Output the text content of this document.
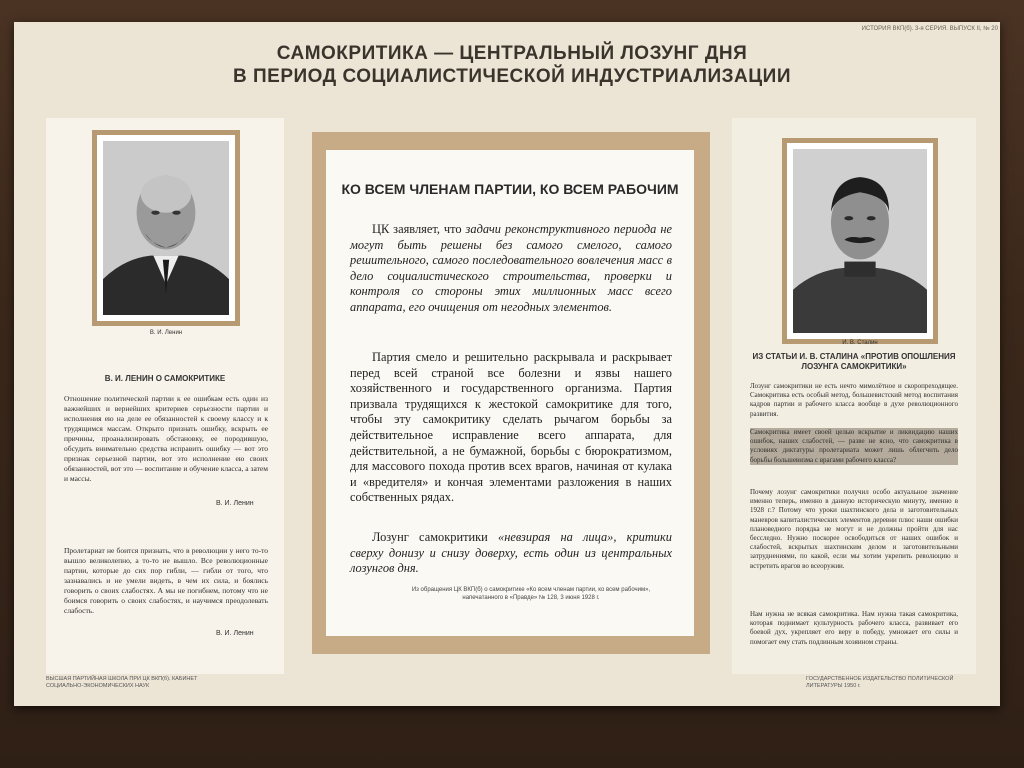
ИСТОРИЯ ВКП(б). 3-я СЕРИЯ. ВЫПУСК II, № 20
САМОКРИТИКА — ЦЕНТРАЛЬНЫЙ ЛОЗУНГ ДНЯ
В ПЕРИОД СОЦИАЛИСТИЧЕСКОЙ ИНДУСТРИАЛИЗАЦИИ
В. И. Ленин
В. И. ЛЕНИН О САМОКРИТИКЕ
Отношение политической партии к ее ошибкам есть один из важнейших и вернейших критериев серьезности партии и исполнения ею на деле ее обязанностей к своему классу и к трудящимся массам. Открыто признать ошибку, вскрыть ее причины, проанализировать обстановку, ее породившую, обсудить внимательно средства исправить ошибку — вот это признак серьезной партии, вот это исполнение ею своих обязанностей, вот это — воспитание и обучение класса, а затем и массы.
В. И. Ленин
Пролетариат не боится признать, что в революции у него то-то вышло великолепно, а то-то не вышло. Все революционные партии, которые до сих пор гибли, — гибли от того, что зазнавались и не умели видеть, в чем их сила, и боялись говорить о своих слабостях. А мы не погибнем, потому что не боимся говорить о своих слабостях, и научимся преодолевать слабость.
В. И. Ленин
ВЫСШАЯ ПАРТИЙНАЯ ШКОЛА ПРИ ЦК ВКП(б). КАБИНЕТ СОЦИАЛЬНО-ЭКОНОМИЧЕСКИХ НАУК
КО ВСЕМ ЧЛЕНАМ ПАРТИИ, КО ВСЕМ РАБОЧИМ
ЦК заявляет, что задачи реконструктивного периода не могут быть решены без самого смелого, самого решительного, самого последовательного вовлечения масс в дело социалистического строительства, проверки и контроля со стороны этих миллионных масс всего аппарата, его очищения от негодных элементов.
Партия смело и решительно раскрывала и раскрывает перед всей страной все болезни и язвы нашего хозяйственного и государственного организма. Партия призвала трудящихся к жестокой самокритике для того, чтобы эту самокритику сделать рычагом борьбы за действительное исправление всего аппарата, для действительной, а не бумажной, борьбы с бюрократизмом, для массового похода против всех врагов, начиная от кулака и «вредителя» и кончая элементами разложения в наших собственных рядах.
Лозунг самокритики «невзирая на лица», критики сверху донизу и снизу доверху, есть один из центральных лозунгов дня.
Из обращения ЦК ВКП(б) о самокритике «Ко всем членам партии, ко всем рабочим», напечатанного в «Правде» № 128, 3 июня 1928 г.
И. В. Сталин
ИЗ СТАТЬИ И. В. СТАЛИНА «ПРОТИВ ОПОШЛЕНИЯ ЛОЗУНГА САМОКРИТИКИ»
Лозунг самокритики не есть нечто мимолётное и скоропреходящее. Самокритика есть особый метод, большевистский метод воспитания кадров партии и рабочего класса вообще в духе революционного развития.
Самокритика имеет своей целью вскрытие и ликвидацию наших ошибок, наших слабостей, — разве не ясно, что самокритика в условиях диктатуры пролетариата может лишь облегчить дело борьбы большевизма с врагами рабочего класса?
Почему лозунг самокритики получил особо актуальное значение именно теперь, именно в данную историческую минуту, именно в 1928 г.? Потому что уроки шахтинского дела и заготовительных маневров капиталистических элементов деревни плюс наши ошибки плановедного порядка не могут и не должны пройти для нас бесследно. Нужно поскорее освободиться от наших ошибок и слабостей, вскрытых шахтинским делом и заготовительными затруднениями, по какой, если мы хотим укрепить революцию и встретить врагов во всеоружии.
Нам нужна не всякая самокритика. Нам нужна такая самокритика, которая поднимает культурность рабочего класса, развивает его боевой дух, укрепляет его веру в победу, умножает его силы и помогает ему стать подлинным хозяином страны.
ГОСУДАРСТВЕННОЕ ИЗДАТЕЛЬСТВО ПОЛИТИЧЕСКОЙ ЛИТЕРАТУРЫ 1950 г.
